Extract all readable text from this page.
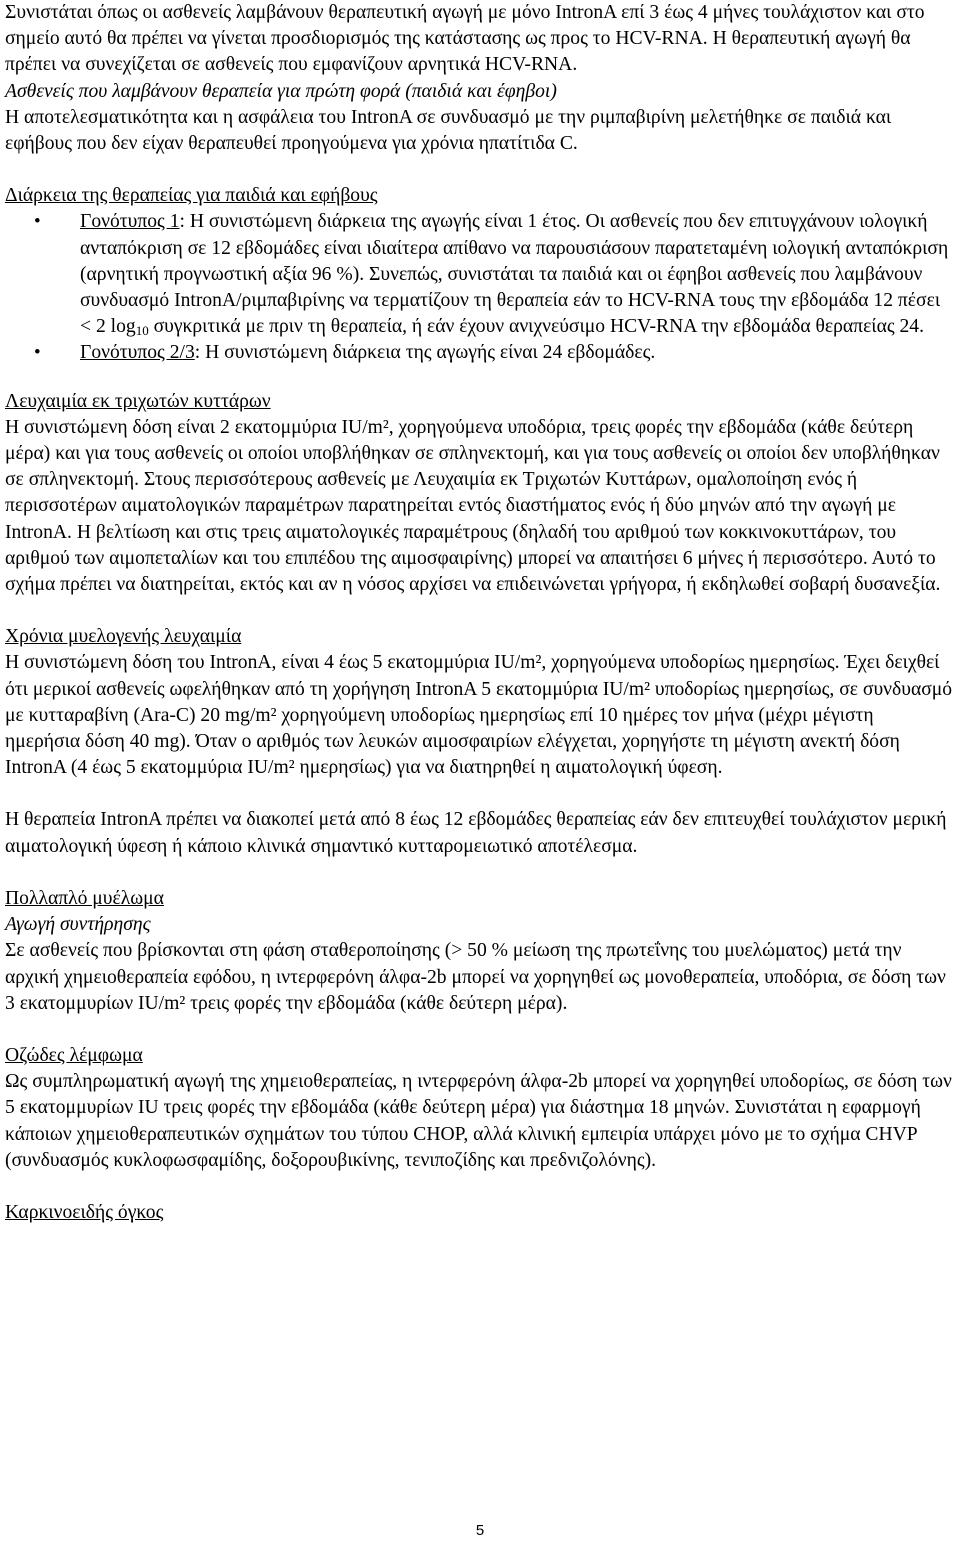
Συνιστάται όπως οι ασθενείς λαμβάνουν θεραπευτική αγωγή με μόνο IntronA επί 3 έως 4 μήνες τουλάχιστον και στο σημείο αυτό θα πρέπει να γίνεται προσδιορισμός της κατάστασης ως προς το HCV-RNA. Η θεραπευτική αγωγή θα πρέπει να συνεχίζεται σε ασθενείς που εμφανίζουν αρνητικά HCV-RNA.

Ασθενείς που λαμβάνουν θεραπεία για πρώτη φορά (παιδιά και έφηβοι)

Η αποτελεσματικότητα και η ασφάλεια του IntronA σε συνδυασμό με την ριμπαβιρίνη μελετήθηκε σε παιδιά και εφήβους που δεν είχαν θεραπευθεί προηγούμενα για χρόνια ηπατίτιδα C.

Διάρκεια της θεραπείας για παιδιά και εφήβους

• Γονότυπος 1: Η συνιστώμενη διάρκεια της αγωγής είναι 1 έτος. Οι ασθενείς που δεν επιτυγχάνουν ιολογική ανταπόκριση σε 12 εβδομάδες είναι ιδιαίτερα απίθανο να παρουσιάσουν παρατεταμένη ιολογική ανταπόκριση (αρνητική προγνωστική αξία 96 %). Συνεπώς, συνιστάται τα παιδιά και οι έφηβοι ασθενείς που λαμβάνουν συνδυασμό IntronA/ριμπαβιρίνης να τερματίζουν τη θεραπεία εάν το HCV-RNA τους την εβδομάδα 12 πέσει < 2 $\log_{10} \sigma\upsilon\gamma\kappa\rho\iota\tau\iota\kappa ά$ με πριν τη θεραπεία, ή εάν έχουν ανιχνεύσιμο HCV-RNA την εβδομάδα θεραπείας 24.
• Γονότυπος 2/3: Η συνιστώμενη διάρκεια της αγωγής είναι 24 εβδομάδες.

Λευχαιμία εκ τριχωτών κυττάρων

Η συνιστώμενη δόση είναι 2 εκατομμύρια IU/m², χορηγούμενα υποδόρια, τρεις φορές την εβδομάδα (κάθε δεύτερη μέρα) και για τους ασθενείς οι οποίοι υποβλήθηκαν σε σπληνεκτομή, και για τους ασθενείς οι οποίοι δεν υποβλήθηκαν σε σπληνεκτομή. Στους περισσότερους ασθενείς με Λευχαιμία εκ Τριχωτών Κυττάρων, ομαλοποίηση ενός ή περισσοτέρων αιματολογικών παραμέτρων παρατηρείται εντός διαστήματος ενός ή δύο μηνών από την αγωγή με IntronA. Η βελτίωση και στις τρεις αιματολογικές παραμέτρους (δηλαδή του αριθμού των κοκκινοκυττάρων, του αριθμού των αιμοπεταλίων και του επιπέδου της αιμοσφαιρίνης) μπορεί να απαιτήσει 6 μήνες ή περισσότερο. Αυτό το σχήμα πρέπει να διατηρείται, εκτός και αν η νόσος αρχίσει να επιδεινώνεται γρήγορα, ή εκδηλωθεί σοβαρή δυσανεξία.

Χρόνια μυελογενής λευχαιμία

Η συνιστώμενη δόση του IntronA, είναι 4 έως 5 εκατομμύρια IU/m², χορηγούμενα υποδορίως ημερησίως. Έχει δειχθεί ότι μερικοί ασθενείς ωφελήθηκαν από τη χορήγηση IntronA 5 εκατομμύρια IU/m² υποδορίως ημερησίως, σε συνδυασμό με κυτταραβίνη (Ara-C) 20 mg/m² χορηγούμενη υποδορίως ημερησίως επί 10 ημέρες τον μήνα (μέχρι μέγιστη ημερήσια δόση 40 mg). Όταν ο αριθμός των λευκών αιμοσφαιρίων ελέγχεται, χορηγήστε τη μέγιστη ανεκτή δόση IntronA (4 έως 5 εκατομμύρια IU/m² ημερησίως) για να διατηρηθεί η αιματολογική ύφεση.

Η θεραπεία IntronA πρέπει να διακοπεί μετά από 8 έως 12 εβδομάδες θεραπείας εάν δεν επιτευχθεί τουλάχιστον μερική αιματολογική ύφεση ή κάποιο κλινικά σημαντικό κυτταρομειωτικό αποτέλεσμα.

Πολλαπλό μυέλωμα

Αγωγή συντήρησης

Σε ασθενείς που βρίσκονται στη φάση σταθεροποίησης (> 50 % μείωση της πρωτεΐνης του μυελώματος) μετά την αρχική χημειοθεραπεία εφόδου, η ιντερφερόνη άλφα-2b μπορεί να χορηγηθεί ως μονοθεραπεία, υποδόρια, σε δόση των 3 εκατομμυρίων IU/m² τρεις φορές την εβδομάδα (κάθε δεύτερη μέρα).

Οζώδες λέμφωμα

Ως συμπληρωματική αγωγή της χημειοθεραπείας, η ιντερφερόνη άλφα-2b μπορεί να χορηγηθεί υποδορίως, σε δόση των 5 εκατομμυρίων IU τρεις φορές την εβδομάδα (κάθε δεύτερη μέρα) για διάστημα 18 μηνών. Συνιστάται η εφαρμογή κάποιων χημειοθεραπευτικών σχημάτων του τύπου CHOP, αλλά κλινική εμπειρία υπάρχει μόνο με το σχήμα CHVP (συνδυασμός κυκλοφωσφαμίδης, δοξορουβικίνης, τενιποζίδης και πρεδνιζολόνης).

Καρκινοειδής όγκος

5
